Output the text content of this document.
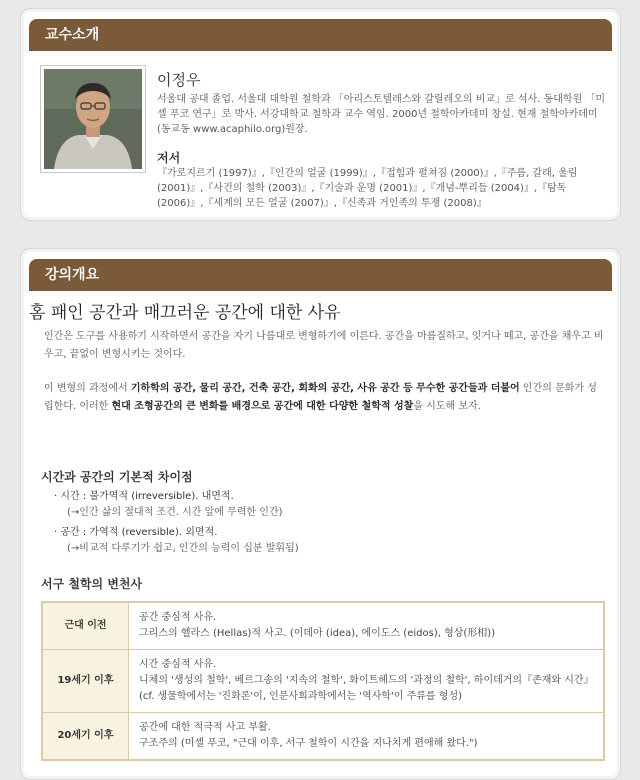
교수소개
이정우
서울대 공대 졸업. 서울대 대학원 철학과 「아리스토텔레스와 갈릴레오의 비교」로 석사. 동대학원 「미셸 푸코 연구」로 박사. 서강대학교 철학과 교수 역임. 2000년 철학아카데미 창설. 현재 철학아카데미 (동교동 www.acaphilo.org)원장.
저서
『가로지르기 (1997)』,『인간의 얼굴 (1999)』,『접힘과 펼쳐짐 (2000)』,『주름, 갈래, 울림 (2001)』,『사건의 철학 (2003)』,『기술과 운명 (2001)』,『개념-뿌리들 (2004)』,『탐독 (2006)』,『세계의 모든 얼굴 (2007)』,『신족과 거인족의 투쟁 (2008)』
강의개요
홈 패인 공간과 매끄러운 공간에 대한 사유
인간은 도구를 사용하기 시작하면서 공간을 자기 나름대로 변형하기에 이른다. 공간을 마름질하고, 잇거나 떼고, 공간을 채우고 비우고, 끝없이 변형시키는 것이다.
이 변형의 과정에서 기하학의 공간, 물리 공간, 건축 공간, 회화의 공간, 사유 공간 등 무수한 공간들과 더불어 인간의 문화가 성립한다. 이러한 현대 조형공간의 큰 변화를 배경으로 공간에 대한 다양한 철학적 성찰을 시도해 보자.
시간과 공간의 기본적 차이점
· 시간 : 불가역적 (irreversible). 내면적.
(→인간 삶의 절대적 조건. 시간 앞에 무력한 인간)
· 공간 : 가역적 (reversible). 외면적.
(→비교적 다루기가 쉽고, 인간의 능력이 십분 발휘됨)
서구 철학의 변천사
근대 이전	공간 중심적 사유.
그리스의 헬라스 (Hellas)적 사고. (이데아 (idea), 에이도스 (eidos), 형상(形相))

19세기 이후	시간 중심적 사유.
니체의 '생성의 철학', 베르그송의 '지속의 철학', 화이트헤드의 '과정의 철학', 하이데거의『존재와 시간』(cf. 생물학에서는 '진화론'이, 인문사회과학에서는 '역사학'이 주류를 형성)

20세기 이후	공간에 대한 적극적 사고 부활.
구조주의 (미셸 푸코, "근대 이후, 서구 철학이 시간을 지나치게 편애해 왔다.")
